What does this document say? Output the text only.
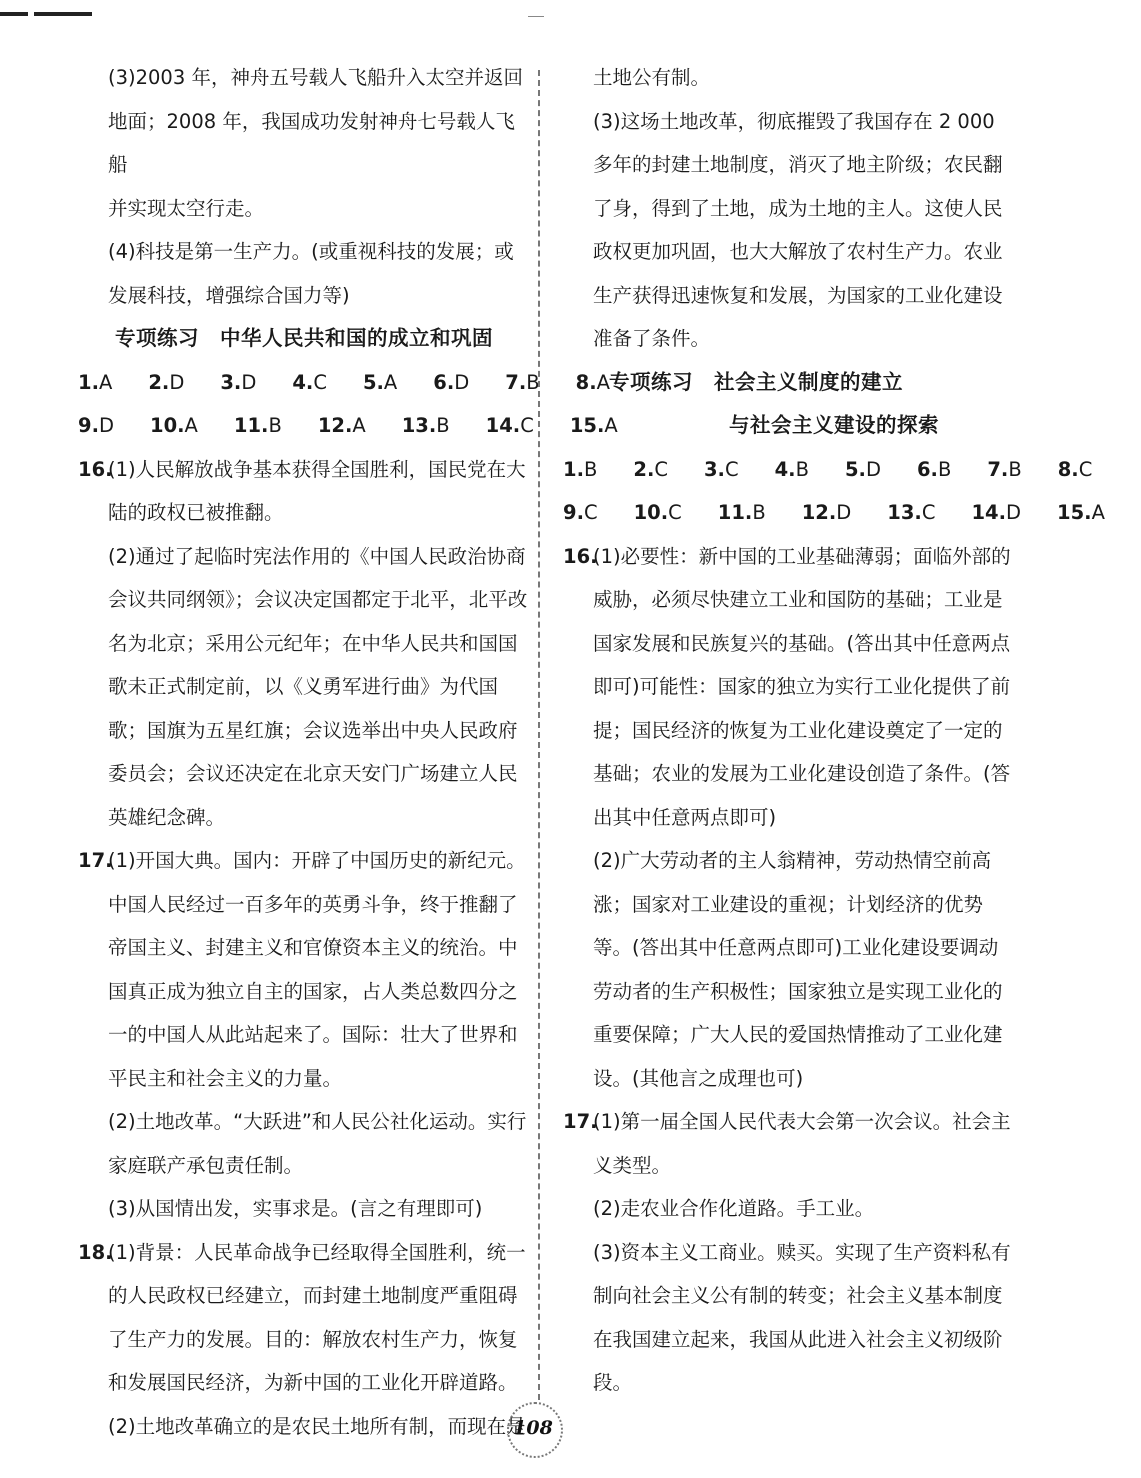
(3)2003 年，神舟五号载人飞船升入太空并返回
地面；2008 年，我国成功发射神舟七号载人飞船
并实现太空行走。

(4)科技是第一生产力。(或重视科技的发展；或
发展科技，增强综合国力等)

专项练习　中华人民共和国的成立和巩固

1.A 2.D 3.D 4.C 5.A 6.D 7.B 8.A

9.D 10.A 11.B 12.A 13.B 14.C 15.A

16.(1)人民解放战争基本获得全国胜利，国民党在大陆的政权已被推翻。

(2)通过了起临时宪法作用的《中国人民政治协商会议共同纲领》；会议决定国都定于北平，北平改名为北京；采用公元纪年；在中华人民共和国国歌未正式制定前，以《义勇军进行曲》为代国歌；国旗为五星红旗；会议选举出中央人民政府委员会；会议还决定在北京天安门广场建立人民英雄纪念碑。

17.(1)开国大典。国内：开辟了中国历史的新纪元。中国人民经过一百多年的英勇斗争，终于推翻了帝国主义、封建主义和官僚资本主义的统治。中国真正成为独立自主的国家，占人类总数四分之一的中国人从此站起来了。国际：壮大了世界和平民主和社会主义的力量。

(2)土地改革。“大跃进”和人民公社化运动。实行家庭联产承包责任制。

(3)从国情出发，实事求是。(言之有理即可)

18.(1)背景：人民革命战争已经取得全国胜利，统一的人民政权已经建立，而封建土地制度严重阻碍了生产力的发展。目的：解放农村生产力，恢复和发展国民经济，为新中国的工业化开辟道路。

(2)土地改革确立的是农民土地所有制，而现在是

土地公有制。

(3)这场土地改革，彻底摧毁了我国存在 2 000 多年的封建土地制度，消灭了地主阶级；农民翻了身，得到了土地，成为土地的主人。这使人民政权更加巩固，也大大解放了农村生产力。农业生产获得迅速恢复和发展，为国家的工业化建设准备了条件。

专项练习　社会主义制度的建立

与社会主义建设的探索

1.B 2.C 3.C 4.B 5.D 6.B 7.B 8.C

9.C 10.C 11.B 12.D 13.C 14.D 15.A

16.(1)必要性：新中国的工业基础薄弱；面临外部的威胁，必须尽快建立工业和国防的基础；工业是国家发展和民族复兴的基础。(答出其中任意两点即可)可能性：国家的独立为实行工业化提供了前提；国民经济的恢复为工业化建设奠定了一定的基础；农业的发展为工业化建设创造了条件。(答出其中任意两点即可)

(2)广大劳动者的主人翁精神，劳动热情空前高涨；国家对工业建设的重视；计划经济的优势等。(答出其中任意两点即可)工业化建设要调动劳动者的生产积极性；国家独立是实现工业化的重要保障；广大人民的爱国热情推动了工业化建设。(其他言之成理也可)

17.(1)第一届全国人民代表大会第一次会议。社会主义类型。

(2)走农业合作化道路。手工业。

(3)资本主义工商业。赎买。实现了生产资料私有制向社会主义公有制的转变；社会主义基本制度在我国建立起来，我国从此进入社会主义初级阶段。

108
